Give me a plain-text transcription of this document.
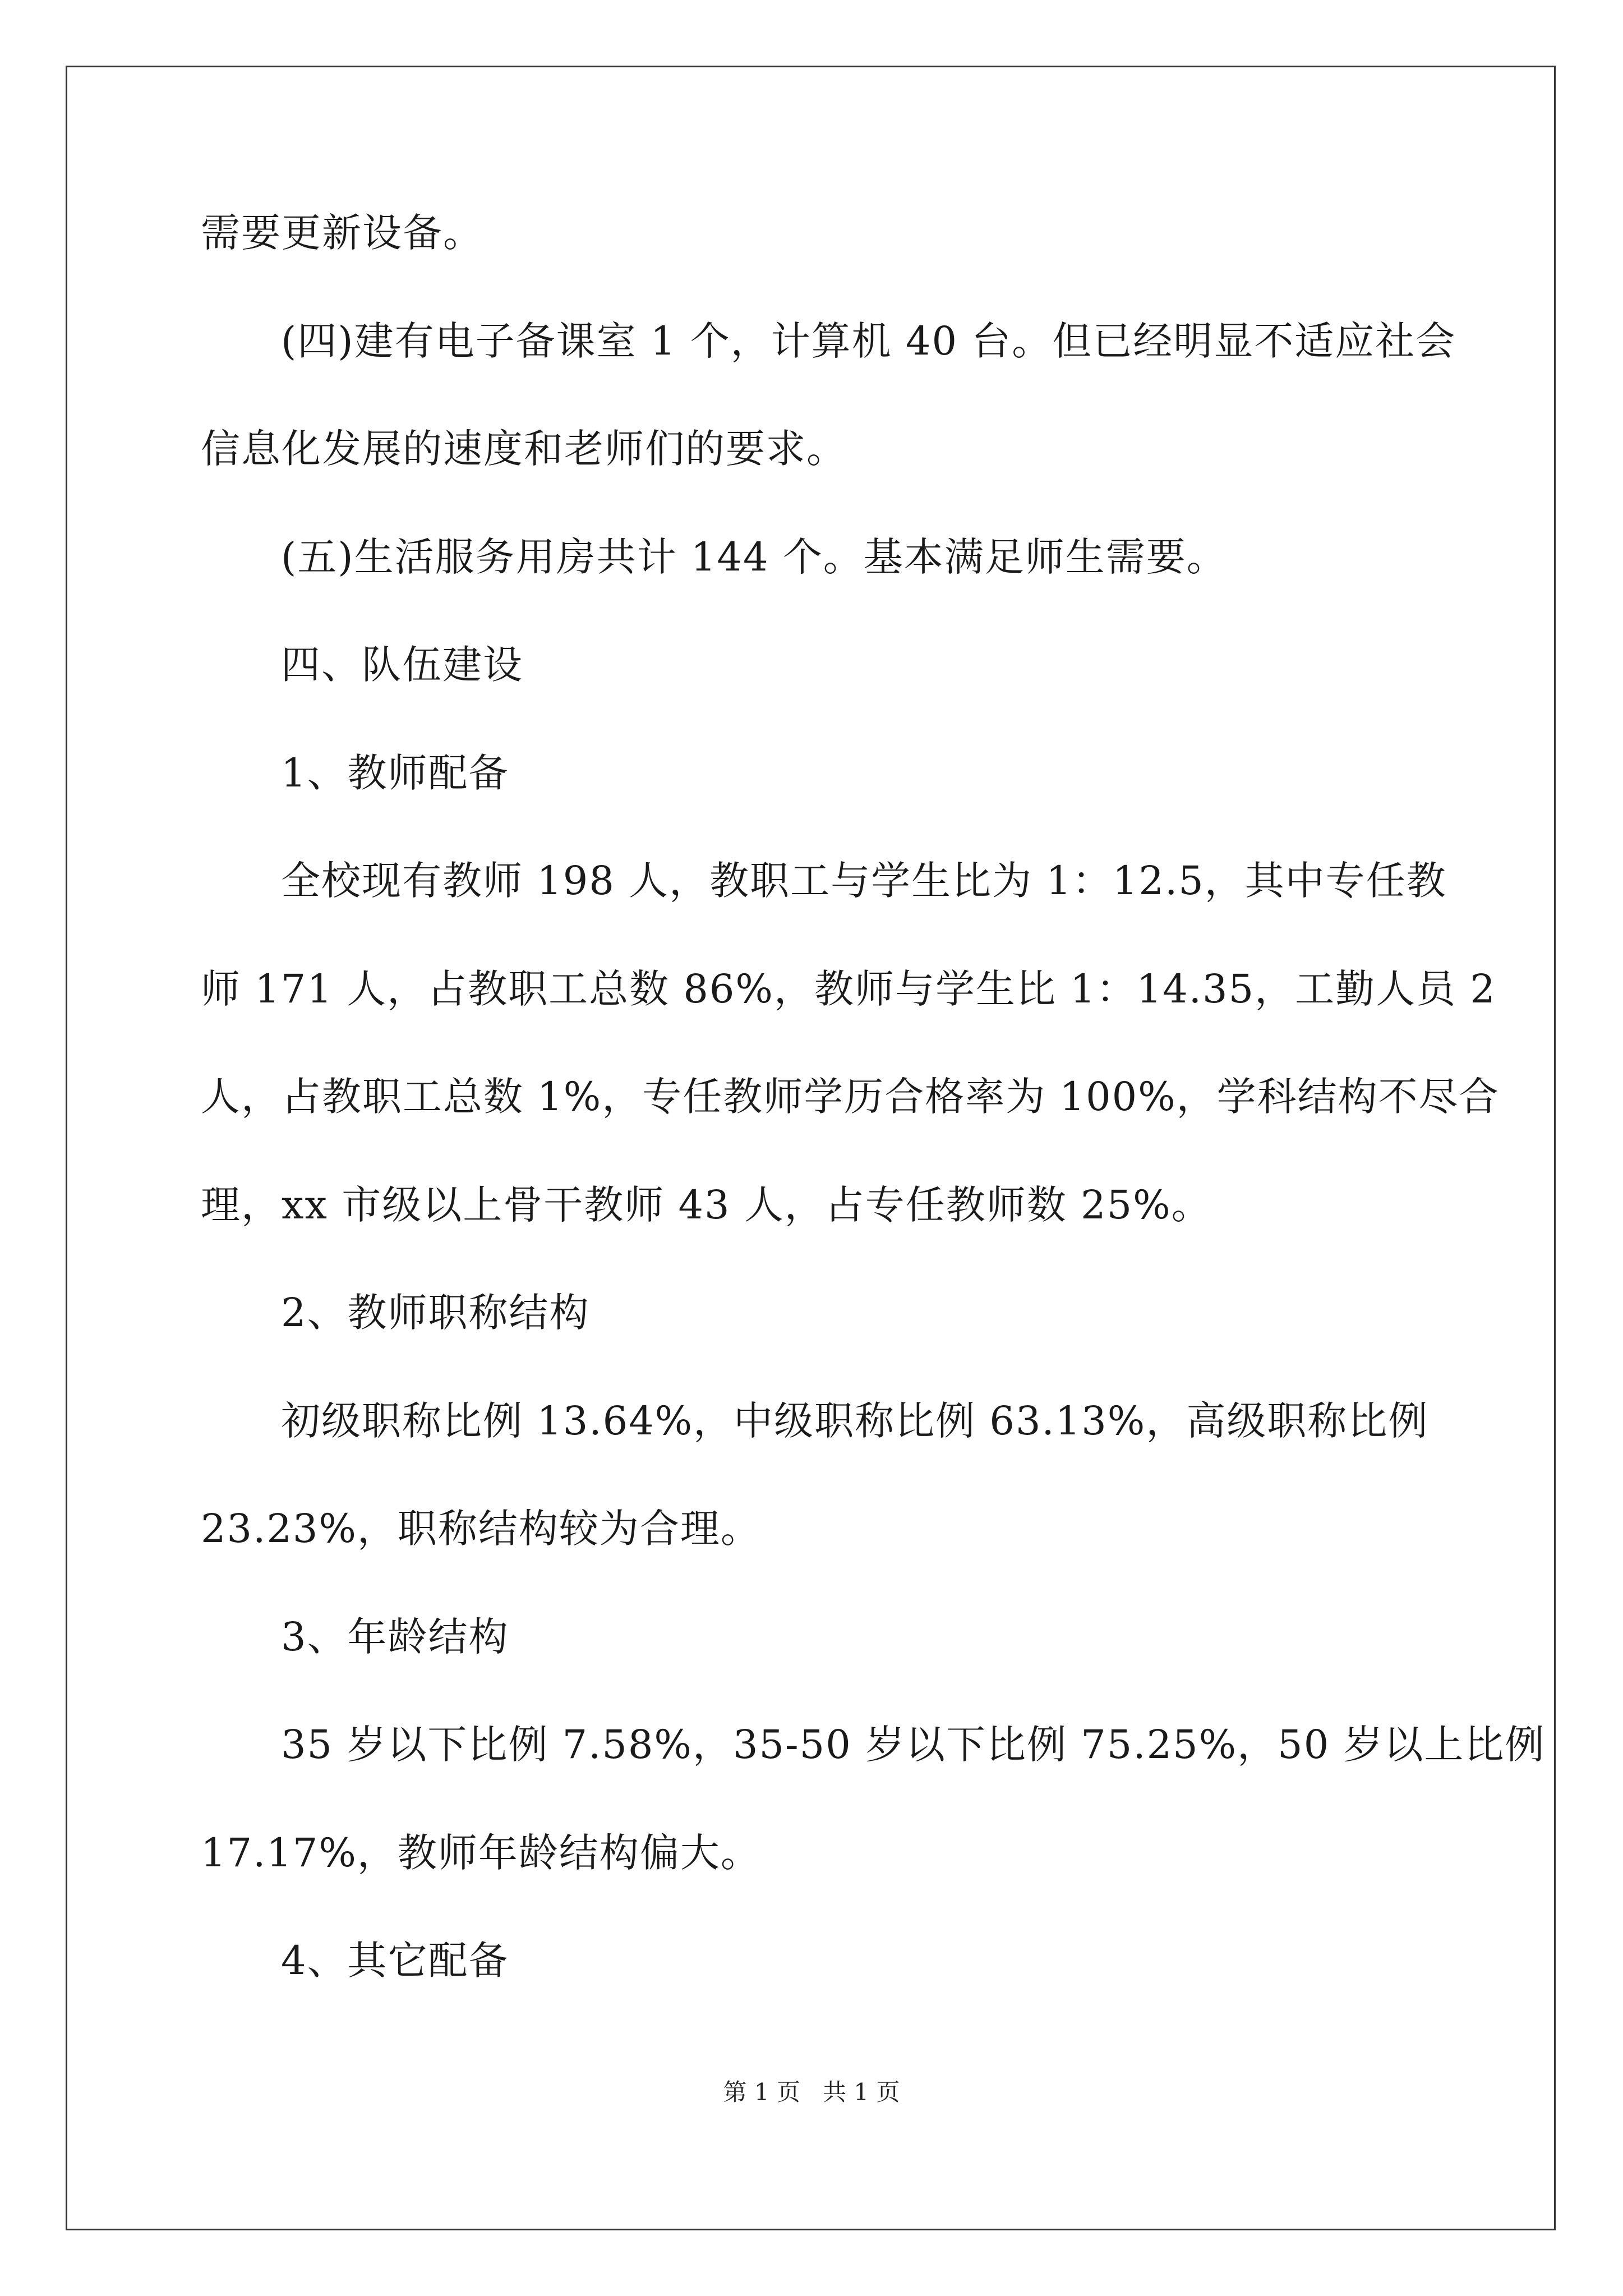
需要更新设备。
(四)建有电子备课室 1 个，计算机 40 台。但已经明显不适应社会
信息化发展的速度和老师们的要求。
(五)生活服务用房共计 144 个。基本满足师生需要。
四、队伍建设
1、教师配备
全校现有教师 198 人，教职工与学生比为 1：12.5，其中专任教
师 171 人，占教职工总数 86%，教师与学生比 1：14.35，工勤人员 2
人，占教职工总数 1%，专任教师学历合格率为 100%，学科结构不尽合
理，xx 市级以上骨干教师 43 人，占专任教师数 25%。
2、教师职称结构
初级职称比例 13.64%，中级职称比例 63.13%，高级职称比例
23.23%，职称结构较为合理。
3、年龄结构
35 岁以下比例 7.58%，35-50 岁以下比例 75.25%，50 岁以上比例
17.17%，教师年龄结构偏大。
4、其它配备
第 1 页   共 1 页
